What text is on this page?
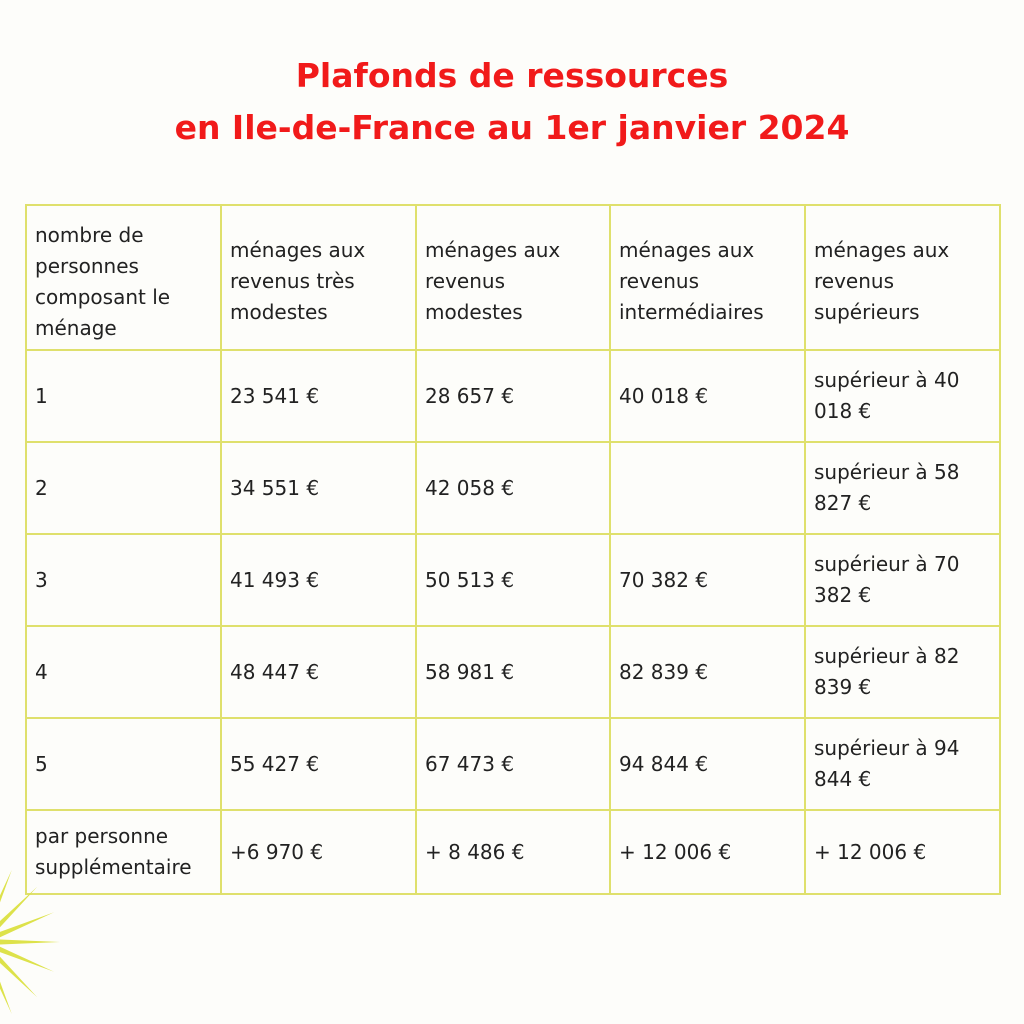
Plafonds de ressources
en Ile-de-France au 1er janvier 2024
nombre de personnes composant le ménage	ménages aux revenus très modestes	ménages aux revenus modestes	ménages aux revenus intermédiaires	ménages aux revenus supérieurs
1	23 541 €	28 657 €	40 018 €	supérieur à 40 018 €
2	34 551 €	42 058 €		supérieur à 58 827 €
3	41 493 €	50 513 €	70 382 €	supérieur à 70 382 €
4	48 447 €	58 981 €	82 839 €	supérieur à 82 839 €
5	55 427 €	67 473 €	94 844 €	supérieur à 94 844 €
par personne supplémentaire	+6 970 €	+ 8 486 €	+ 12 006 €	+ 12 006 €
